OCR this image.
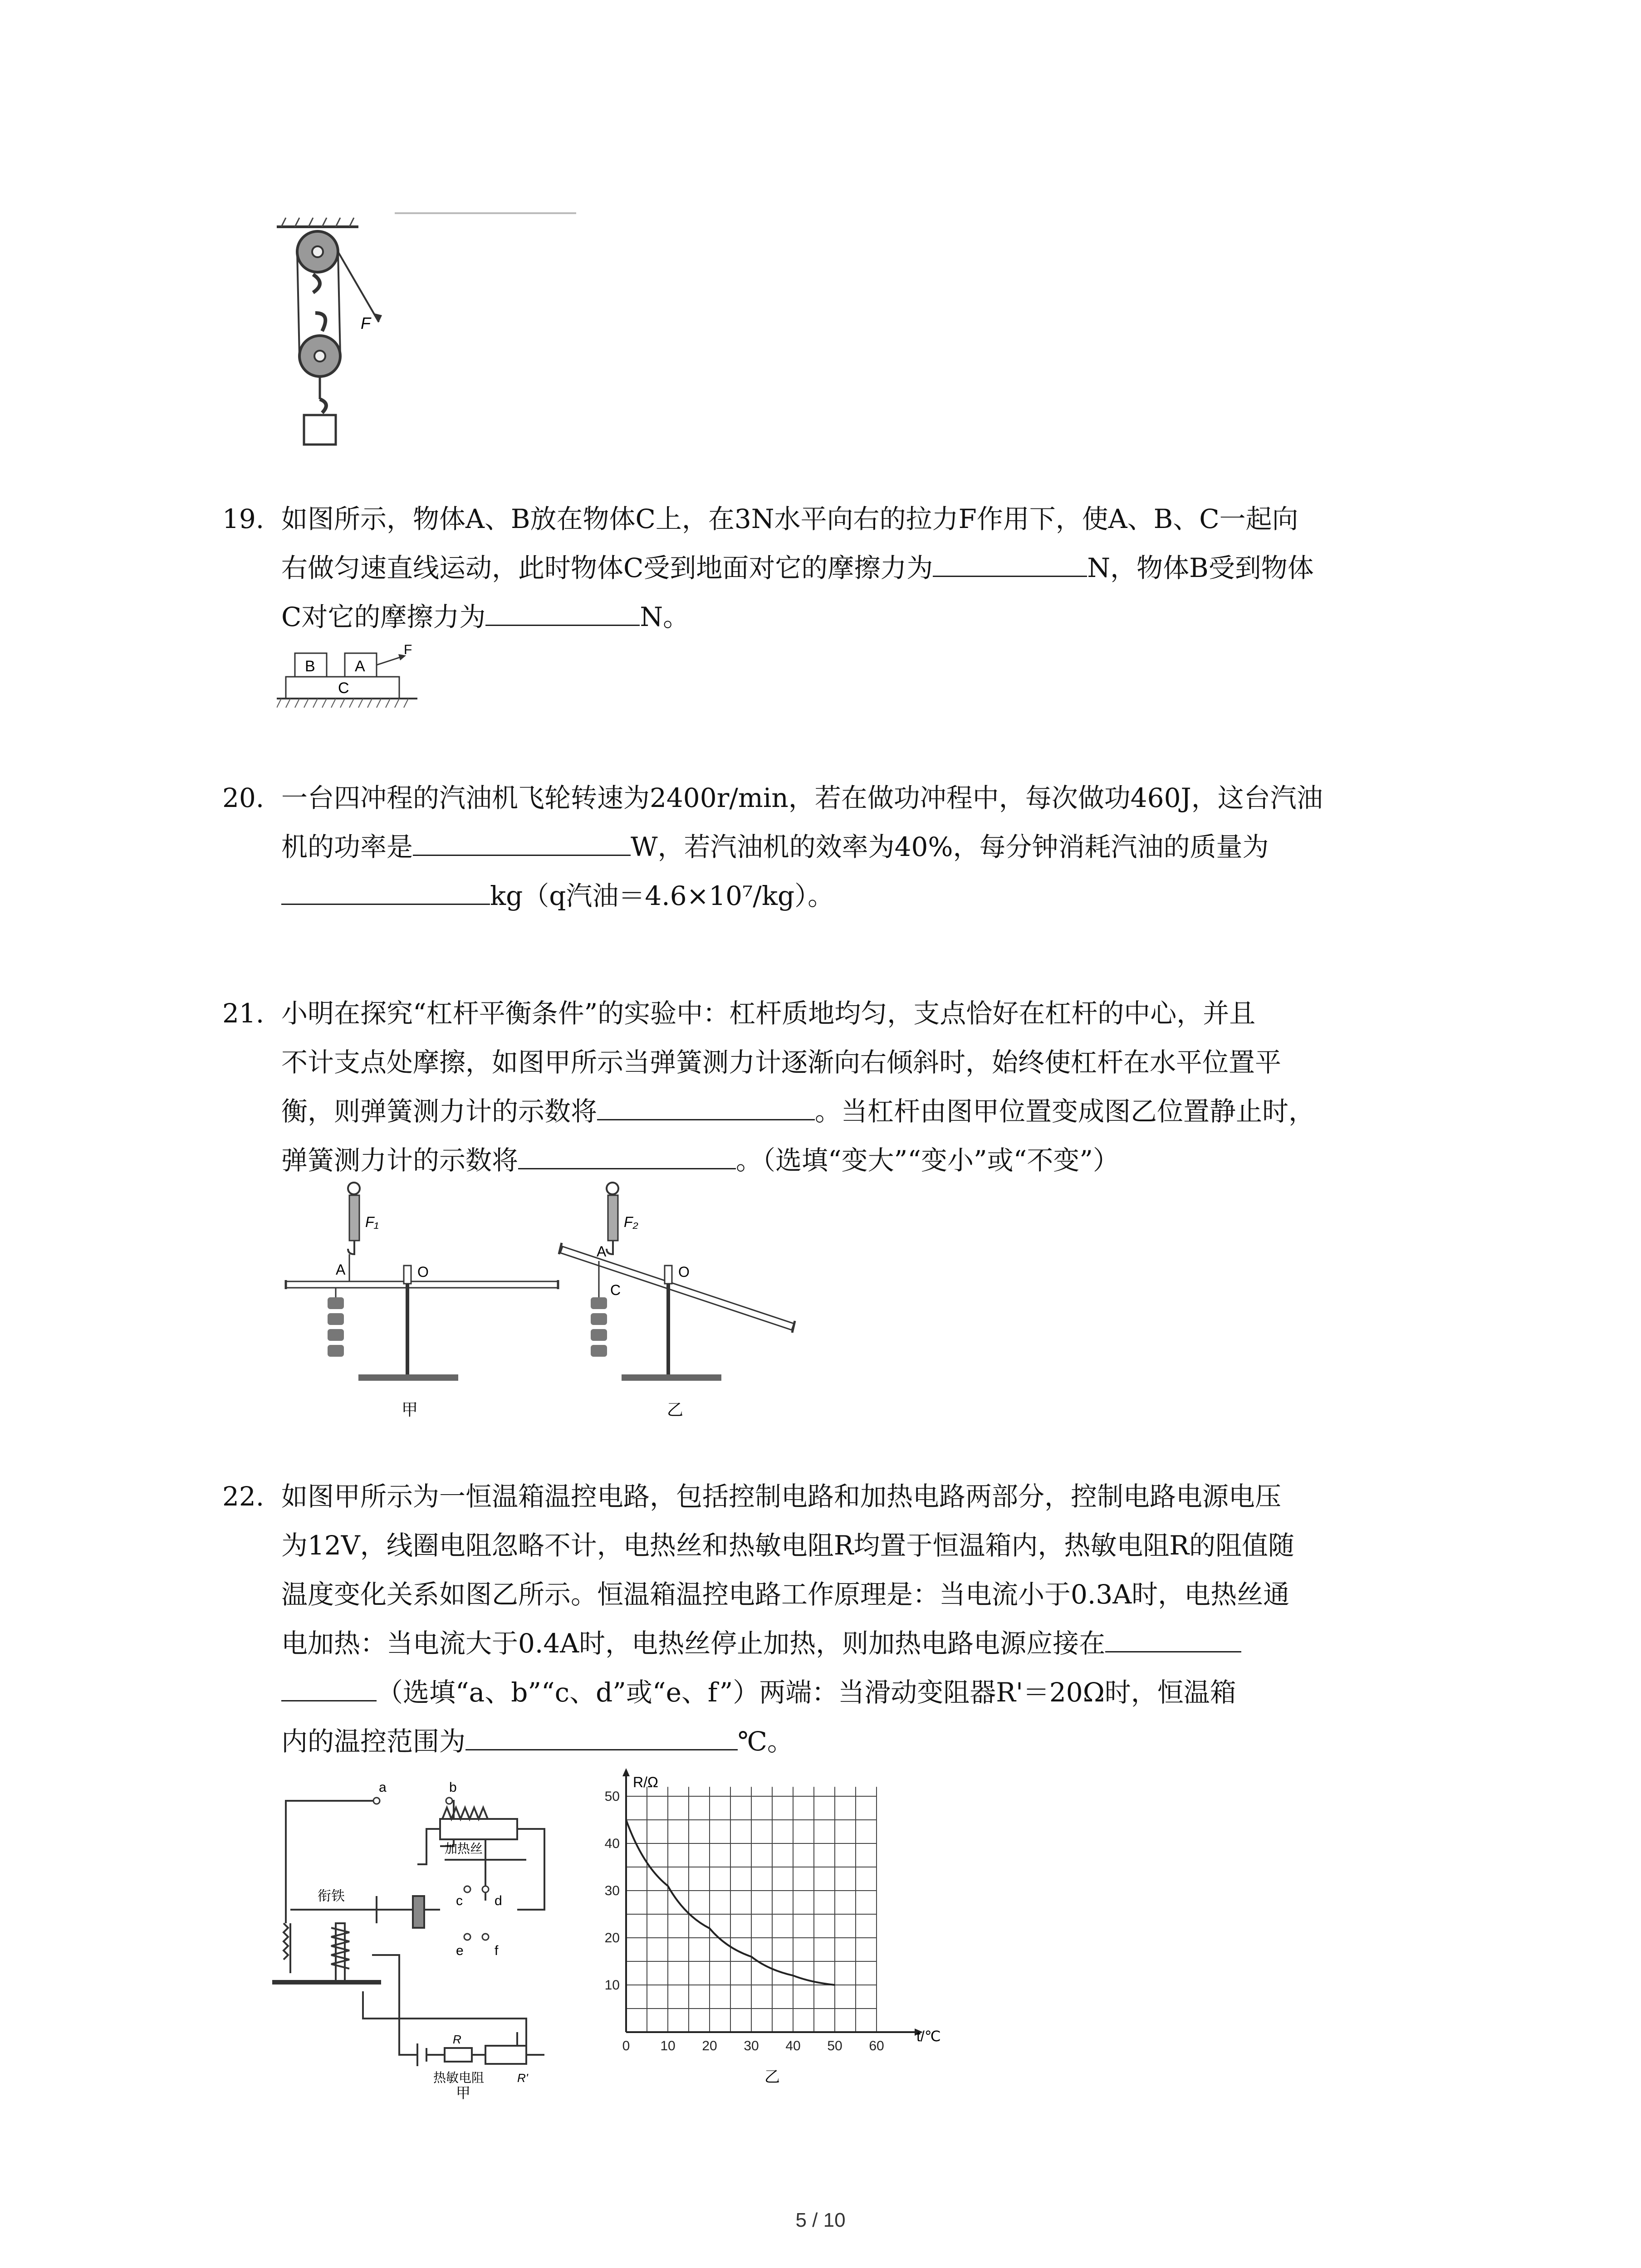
F
19. 如图所示，物体A、B放在物体C上，在3N水平向右的拉力F作用下，使A、B、C一起向
右做匀速直线运动，此时物体C受到地面对它的摩擦力为	N，物体B受到物体
C对它的摩擦力为	N。
B	A
C
F
20. 一台四冲程的汽油机飞轮转速为2400r/min，若在做功冲程中，每次做功460J，这台汽油
机的功率是	W，若汽油机的效率为40%，每分钟消耗汽油的质量为
kg（q汽油＝4.6×10⁷/kg）。
21. 小明在探究“杠杆平衡条件”的实验中：杠杆质地均匀，支点恰好在杠杆的中心，并且
不计支点处摩擦，如图甲所示当弹簧测力计逐渐向右倾斜时，始终使杠杆在水平位置平
衡，则弹簧测力计的示数将	。当杠杆由图甲位置变成图乙位置静止时，
弹簧测力计的示数将	。（选填“变大”“变小”或“不变”）
F₁
A	O
甲
F₂
A
C
O
乙
22. 如图甲所示为一恒温箱温控电路，包括控制电路和加热电路两部分，控制电路电源电压
为12V，线圈电阻忽略不计，电热丝和热敏电阻R均置于恒温箱内，热敏电阻R的阻值随
温度变化关系如图乙所示。恒温箱温控电路工作原理是：当电流小于0.3A时，电热丝通
电加热：当电流大于0.4A时，电热丝停止加热，则加热电路电源应接在
（选填“a、b”“c、d”或“e、f”）两端：当滑动变阻器R'＝20Ω时，恒温箱
内的温控范围为	℃。
a	b
加热丝
c d
e f
衔铁
R
热敏电阻	R'
甲
0 10 20 30 40 50 60
10
20
30
40
50
R/Ω
t/℃
乙
5 / 10
